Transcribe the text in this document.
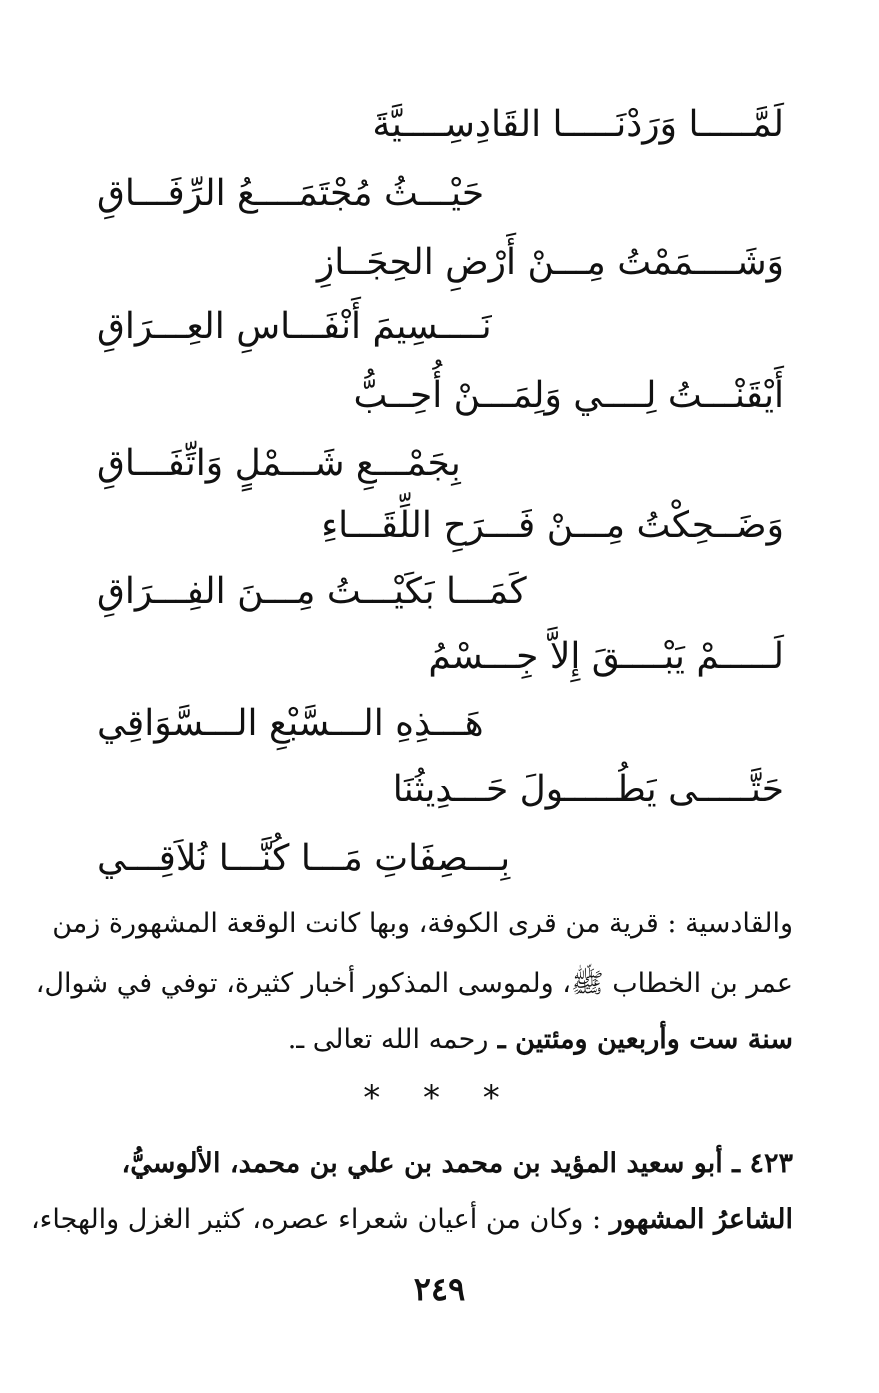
لَمَّـــــا وَرَدْنَـــــا القَادِسِــــيَّةَ
حَيْـــثُ مُجْتَمَــــعُ الرِّفَـــاقِ
وَشَــــمَمْتُ مِـــنْ أَرْضِ الحِجَــازِ
نَــــسِيمَ أَنْفَـــاسِ العِـــرَاقِ
أَيْقَنْـــتُ لِــــي وَلِمَـــنْ أُحِــبُّ
بِجَمْـــعِ شَـــمْلٍ وَاتِّفَـــاقِ
وَضَــحِكْتُ مِـــنْ فَـــرَحِ اللِّقَـــاءِ
كَمَـــا بَكَيْـــتُ مِـــنَ الفِـــرَاقِ
لَـــــمْ يَبْــــقَ إِلاَّ جِـــسْمُ
هَـــذِهِ الـــسَّبْعِ الـــسَّوَاقِي
حَتَّـــــى يَطُـــــولَ حَـــدِيثُنَا
بِـــصِفَاتِ مَـــا كُنَّـــا نُلاَقِـــي
والقادسية : قرية من قرى الكوفة، وبها كانت الوقعة المشهورة زمن
عمر بن الخطاب ﷺ، ولموسى المذكور أخبار كثيرة، توفي في شوال،
سنة ست وأربعين ومئتين ـ رحمه الله تعالى ـ.
* * *
٤٢٣ ـ أبو سعيد المؤيد بن محمد بن علي بن محمد، الألوسيُّ،
الشاعرُ المشهور : وكان من أعيان شعراء عصره، كثير الغزل والهجاء،
٢٤٩
